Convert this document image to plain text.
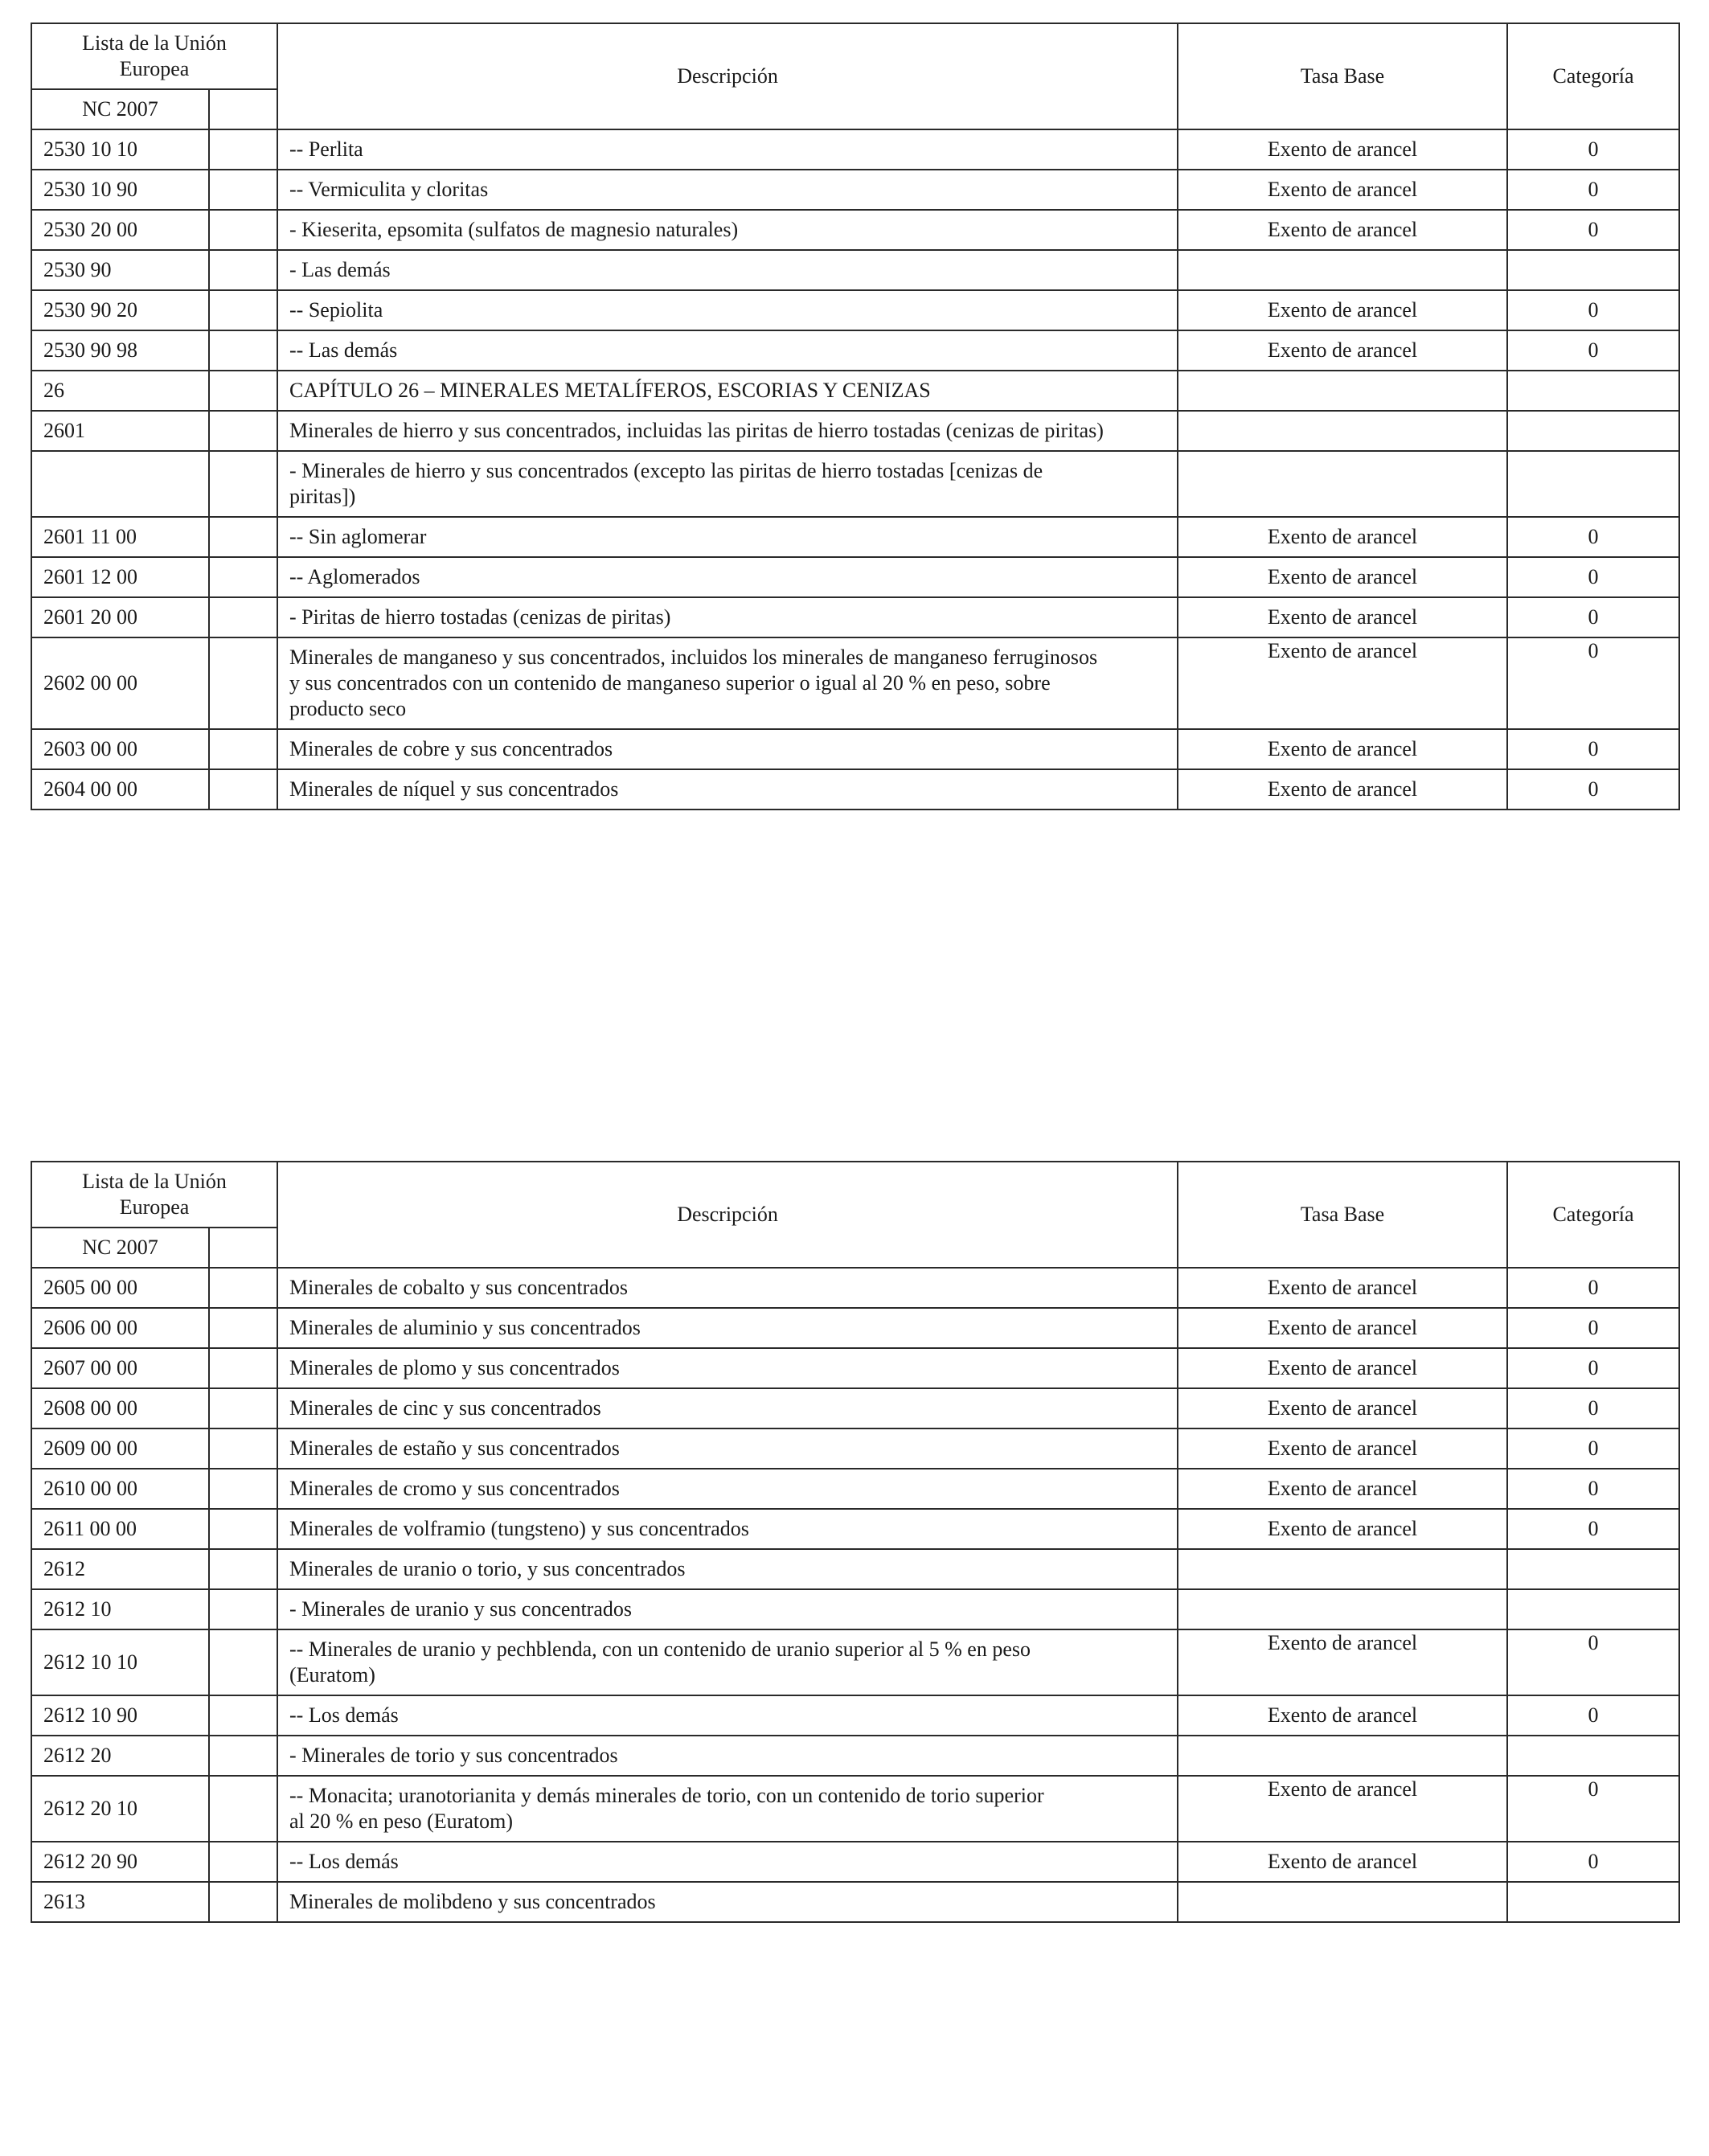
Lista de la Unión
Europea		Descripción	Tasa Base	Categoría
NC 2007				
2530 10 10		-- Perlita	Exento de arancel	0
2530 10 90		-- Vermiculita y cloritas	Exento de arancel	0
2530 20 00		- Kieserita, epsomita (sulfatos de magnesio naturales)	Exento de arancel	0
2530 90		- Las demás		
2530 90 20		-- Sepiolita	Exento de arancel	0
2530 90 98		-- Las demás	Exento de arancel	0
26		CAPÍTULO 26 – MINERALES METALÍFEROS, ESCORIAS Y CENIZAS		
2601		Minerales de hierro y sus concentrados, incluidas las piritas de hierro tostadas (cenizas de piritas)		
		- Minerales de hierro y sus concentrados (excepto las piritas de hierro tostadas [cenizas de
piritas])		
2601 11 00		-- Sin aglomerar	Exento de arancel	0
2601 12 00		-- Aglomerados	Exento de arancel	0
2601 20 00		- Piritas de hierro tostadas (cenizas de piritas)	Exento de arancel	0
2602 00 00		Minerales de manganeso y sus concentrados, incluidos los minerales de manganeso ferruginosos
y sus concentrados con un contenido de manganeso superior o igual al 20 % en peso, sobre
producto seco	Exento de arancel	0
2603 00 00		Minerales de cobre y sus concentrados	Exento de arancel	0
2604 00 00		Minerales de níquel y sus concentrados	Exento de arancel	0
Lista de la Unión
Europea		Descripción	Tasa Base	Categoría
NC 2007				
2605 00 00		Minerales de cobalto y sus concentrados	Exento de arancel	0
2606 00 00		Minerales de aluminio y sus concentrados	Exento de arancel	0
2607 00 00		Minerales de plomo y sus concentrados	Exento de arancel	0
2608 00 00		Minerales de cinc y sus concentrados	Exento de arancel	0
2609 00 00		Minerales de estaño y sus concentrados	Exento de arancel	0
2610 00 00		Minerales de cromo y sus concentrados	Exento de arancel	0
2611 00 00		Minerales de volframio (tungsteno) y sus concentrados	Exento de arancel	0
2612		Minerales de uranio o torio, y sus concentrados		
2612 10		- Minerales de uranio y sus concentrados		
2612 10 10		-- Minerales de uranio y pechblenda, con un contenido de uranio superior al 5 % en peso
(Euratom)	Exento de arancel	0
2612 10 90		-- Los demás	Exento de arancel	0
2612 20		- Minerales de torio y sus concentrados		
2612 20 10		-- Monacita; uranotorianita y demás minerales de torio, con un contenido de torio superior
al 20 % en peso (Euratom)	Exento de arancel	0
2612 20 90		-- Los demás	Exento de arancel	0
2613		Minerales de molibdeno y sus concentrados		
